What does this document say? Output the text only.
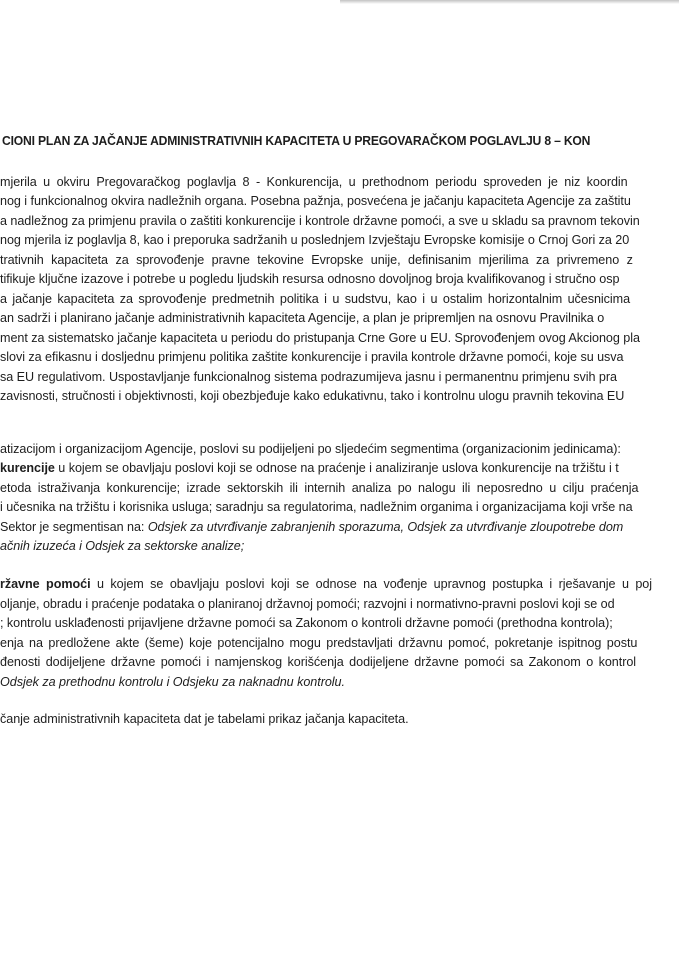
CIONI PLAN ZA JAČANJE ADMINISTRATIVNIH KAPACITETA U PREGOVARAČKOM POGLAVLJU 8 – KON
mjerila u okviru Pregovaračkog poglavlja 8 - Konkurencija, u prethodnom periodu sproveden je niz koordin
nog i funkcionalnog okvira nadležnih organa. Posebna pažnja, posvećena je jačanju kapaciteta Agencije za zaštitu
a nadležnog za primjenu pravila o zaštiti konkurencije i kontrole državne pomoći, a sve u skladu sa pravnom tekovin
nog mjerila iz poglavlja 8, kao i preporuka sadržanih u poslednjem Izvještaju Evropske komisije o Crnoj Gori za 20
trativnih kapaciteta za sprovođenje pravne tekovine Evropske unije, definisanim mjerilima za privremeno z
tifikuje ključne izazove i potrebe u pogledu ljudskih resursa odnosno dovoljnog broja kvalifikovanog i stručno osp
a jačanje kapaciteta za sprovođenje predmetnih politika i u sudstvu, kao i u ostalim horizontalnim učesnicima
an sadrži i planirano jačanje administrativnih kapaciteta Agencije, a plan je pripremljen na osnovu Pravilnika o
ment za sistematsko jačanje kapaciteta u periodu do pristupanja Crne Gore u EU. Sprovođenjem ovog Akcionog pla
slovi za efikasnu i dosljednu primjenu politika zaštite konkurencije i pravila kontrole državne pomoći, koje su usva
sa EU regulativom. Uspostavljanje funkcionalnog sistema podrazumijeva jasnu i permanentnu primjenu svih pra
zavisnosti, stručnosti i objektivnosti, koji obezbjeđuje kako edukativnu, tako i kontrolnu ulogu pravnih tekovina EU
atizacijom i organizacijom Agencije, poslovi su podijeljeni po sljedećim segmentima (organizacionim jedinicama):
kurencije u kojem se obavljaju poslovi koji se odnose na praćenje i analiziranje uslova konkurencije na tržištu i t
etoda istraživanja konkurencije; izrade sektorskih ili internih analiza po nalogu ili neposredno u cilju praćenja
i učesnika na tržištu i korisnika usluga; saradnju sa regulatorima, nadležnim organima i organizacijama koji vrše na
Sektor je segmentisan na: Odsjek za utvrđivanje zabranjenih sporazuma, Odsjek za utvrđivanje zloupotrebe dom
ačnih izuzeća i Odsjek za sektorske analize;
ržavne pomoći u kojem se obavljaju poslovi koji se odnose na vođenje upravnog postupka i rješavanje u poj
oljanje, obradu i praćenje podataka o planiranoj državnoj pomoći; razvojni i normativno-pravni poslovi koji se od
; kontrolu usklađenosti prijavljene državne pomoći sa Zakonom o kontroli državne pomoći (prethodna kontrola);
enja na predložene akte (šeme) koje potencijalno mogu predstavljati državnu pomoć, pokretanje ispitnog postu
đenosti dodijeljene državne pomoći i namjenskog korišćenja dodijeljene državne pomoći sa Zakonom o kontrol
Odsjek za prethodnu kontrolu i Odsjeku za naknadnu kontrolu.
čanje administrativnih kapaciteta dat je tabelami prikaz jačanja kapaciteta.
